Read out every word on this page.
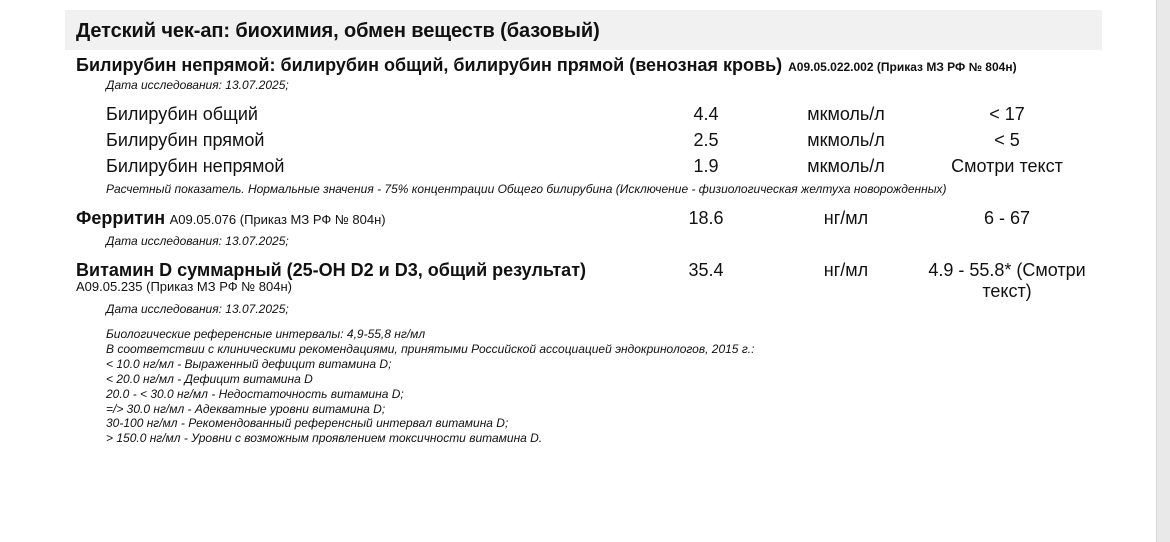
Детский чек-ап: биохимия, обмен веществ (базовый)
Билирубин непрямой: билирубин общий, билирубин прямой (венозная кровь) A09.05.022.002 (Приказ МЗ РФ № 804н)
Дата исследования: 13.07.2025;
Билирубин общий	4.4	мкмоль/л	< 17
Билирубин прямой	2.5	мкмоль/л	< 5
Билирубин непрямой	1.9	мкмоль/л	Смотри текст
Расчетный показатель. Нормальные значения - 75% концентрации Общего билирубина (Исключение - физиологическая желтуха новорожденных)
Ферритин A09.05.076 (Приказ МЗ РФ № 804н)	18.6	нг/мл	6 - 67
Дата исследования: 13.07.2025;
Витамин D суммарный (25-OH D2 и D3, общий результат)
A09.05.235 (Приказ МЗ РФ № 804н)
35.4	нг/мл	4.9 - 55.8* (Смотри
текст)
Дата исследования: 13.07.2025;
Биологические референсные интервалы: 4,9-55,8 нг/мл
В соответствии с клиническими рекомендациями, принятыми Российской ассоциацией эндокринологов, 2015 г.:
< 10.0 нг/мл - Выраженный дефицит витамина D;
< 20.0 нг/мл - Дефицит витамина D
20.0 - < 30.0 нг/мл - Недостаточность витамина D;
=/> 30.0 нг/мл - Адекватные уровни витамина D;
30-100 нг/мл - Рекомендованный референсный интервал витамина D;
> 150.0 нг/мл - Уровни с возможным проявлением токсичности витамина D.
